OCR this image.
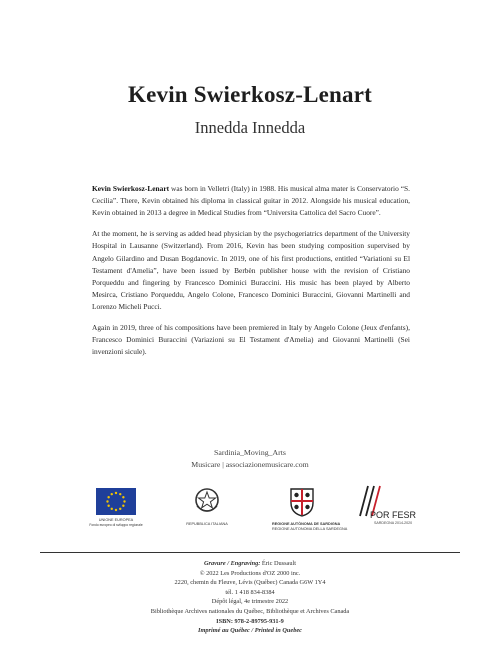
Kevin Swierkosz-Lenart
Innedda Innedda

Kevin Swierkosz-Lenart was born in Velletri (Italy) in 1988. His musical alma mater is Conservatorio “S. Cecilia”. There, Kevin obtained his diploma in classical guitar in 2012. Alongside his musical education, Kevin obtained in 2013 a degree in Medical Studies from “Universita Cattolica del Sacro Cuore”.

At the moment, he is serving as added head physician by the psychogeriatrics department of the University Hospital in Lausanne (Switzerland). From 2016, Kevin has been studying composition supervised by Angelo Gilardino and Dusan Bogdanovic. In 2019, one of his first productions, entitled “Variationi su El Testament d'Amelia”, have been issued by Berbèn publisher house with the revision of Cristiano Porqueddu and fingering by Francesco Dominici Buraccini. His music has been played by Alberto Mesirca, Cristiano Porqueddu, Angelo Colone, Francesco Dominici Buraccini, Giovanni Martinelli and Lorenzo Micheli Pucci.

Again in 2019, three of his compositions have been premiered in Italy by Angelo Colone (Jeux d'enfants), Francesco Dominici Buraccini (Variazioni su El Testament d'Amelia) and Giovanni Martinelli (Sei invenzioni sicule).

Sardinia_Moving_Arts
Musicare | associazionemusicare.com
UNIONE EUROPEA
Fondo europeo di sviluppo regionale	REPUBBLICA ITALIANA	REGIONE AUTÒNOMA DE SARDIGNA
REGIONE AUTONOMA DELLA SARDEGNA
POR FESR
SARDEGNA 2014-2020
Gravure / Engraving: Éric Dussault
© 2022 Les Productions d'OZ 2000 inc.
2220, chemin du Fleuve, Lévis (Québec) Canada G6W 1Y4
tél. 1 418 834-8384
Dépôt légal, 4e trimestre 2022
Bibliothèque Archives nationales du Québec, Bibliothèque et Archives Canada
ISBN: 978-2-89795-931-9
Imprimé au Québec / Printed in Quebec
